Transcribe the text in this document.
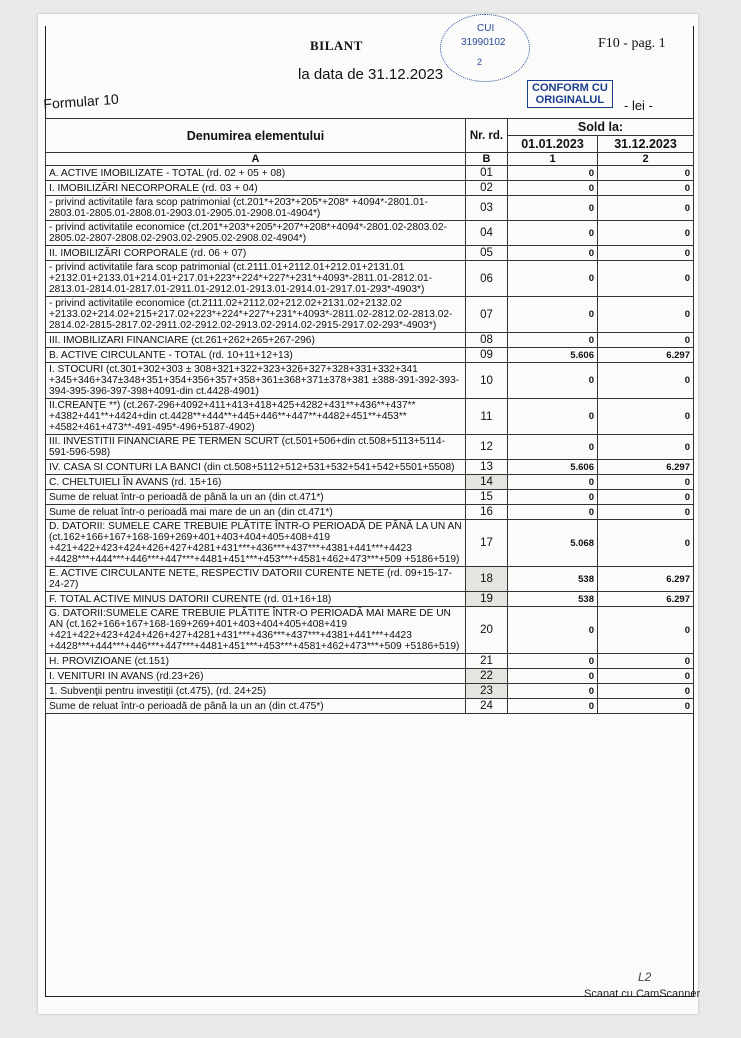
BILANT	F10 - pag. 1
la data de 31.12.2023
Formular 10
CONFORM CU
ORIGINALUL - lei -
CUI
31990102
2
Denumirea elementului	Nr. rd.	Sold la:	
		01.01.2023	31.12.2023
A	B	1	2
A. ACTIVE IMOBILIZATE - TOTAL (rd. 02 + 05 + 08)	01	0	0
I. IMOBILIZĂRI NECORPORALE (rd. 03 + 04)	02	0	0
- privind activitatile fara scop patrimonial (ct.201*+203*+205*+208* +4094*-2801.01-2803.01-2805.01-2808.01-2903.01-2905.01-2908.01-4904*)	03	0	0
- privind activitatile economice (ct.201*+203*+205*+207*+208*+4094*-2801.02-2803.02-2805.02-2807-2808.02-2903.02-2905.02-2908.02-4904*)	04	0	0
II. IMOBILIZĂRI CORPORALE (rd. 06 + 07)	05	0	0
- privind activitatile fara scop patrimonial (ct.2111.01+2112.01+212.01+2131.01 +2132.01+2133.01+214.01+217.01+223*+224*+227*+231*+4093*-2811.01-2812.01-2813.01-2814.01-2817.01-2911.01-2912.01-2913.01-2914.01-2917.01-293*-4903*)	06	0	0
- privind activitatile economice (ct.2111.02+2112.02+212.02+2131.02+2132.02 +2133.02+214.02+215+217.02+223*+224*+227*+231*+4093*-2811.02-2812.02-2813.02-2814.02-2815-2817.02-2911.02-2912.02-2913.02-2914.02-2915-2917.02-293*-4903*)	07	0	0
III. IMOBILIZARI FINANCIARE (ct.261+262+265+267-296)	08	0	0
B. ACTIVE CIRCULANTE - TOTAL (rd. 10+11+12+13)	09	5.606	6.297
I. STOCURI (ct.301+302+303 ± 308+321+322+323+326+327+328+331+332+341 +345+346+347±348+351+354+356+357+358+361±368+371±378+381 ±388-391-392-393-394-395-396-397-398+4091-din ct.4428-4901)	10	0	0
II.CREANŢE **) (ct.267-296+4092+411+413+418+425+4282+431**+436**+437** +4382+441**+4424+din ct.4428**+444**+445+446**+447**+4482+451**+453** +4582+461+473**-491-495*-496+5187-4902)	11	0	0
III. INVESTITII FINANCIARE PE TERMEN SCURT (ct.501+506+din ct.508+5113+5114-591-596-598)	12	0	0
IV. CASA SI CONTURI LA BANCI (din ct.508+5112+512+531+532+541+542+5501+5508)	13	5.606	6.297
C. CHELTUIELI ÎN AVANS (rd. 15+16)	14	0	0
Sume de reluat într-o perioadă de până la un an (din ct.471*)	15	0	0
Sume de reluat într-o perioadă mai mare de un an (din ct.471*)	16	0	0
D. DATORII: SUMELE CARE TREBUIE PLĂTITE ÎNTR-O PERIOADĂ DE PÂNĂ LA UN AN (ct.162+166+167+168-169+269+401+403+404+405+408+419 +421+422+423+424+426+427+4281+431***+436***+437***+4381+441***+4423 +4428***+444***+446***+447***+4481+451***+453***+4581+462+473***+509 +5186+519)	17	5.068	0
E. ACTIVE CIRCULANTE NETE, RESPECTIV DATORII CURENTE NETE (rd. 09+15-17-24-27)	18	538	6.297
F. TOTAL ACTIVE MINUS DATORII CURENTE (rd. 01+16+18)	19	538	6.297
G. DATORII:SUMELE CARE TREBUIE PLĂTITE ÎNTR-O PERIOADĂ MAI MARE DE UN AN (ct.162+166+167+168-169+269+401+403+404+405+408+419 +421+422+423+424+426+427+4281+431***+436***+437***+4381+441***+4423 +4428***+444***+446***+447***+4481+451***+453***+4581+462+473***+509 +5186+519)	20	0	0
H. PROVIZIOANE (ct.151)	21	0	0
I. VENITURI IN AVANS (rd.23+26)	22	0	0
1. Subvenţii pentru investiţii (ct.475), (rd. 24+25)	23	0	0
Sume de reluat într-o perioadă de până la un an (din ct.475*)	24	0	0
L2
Scanat cu CamScanner
